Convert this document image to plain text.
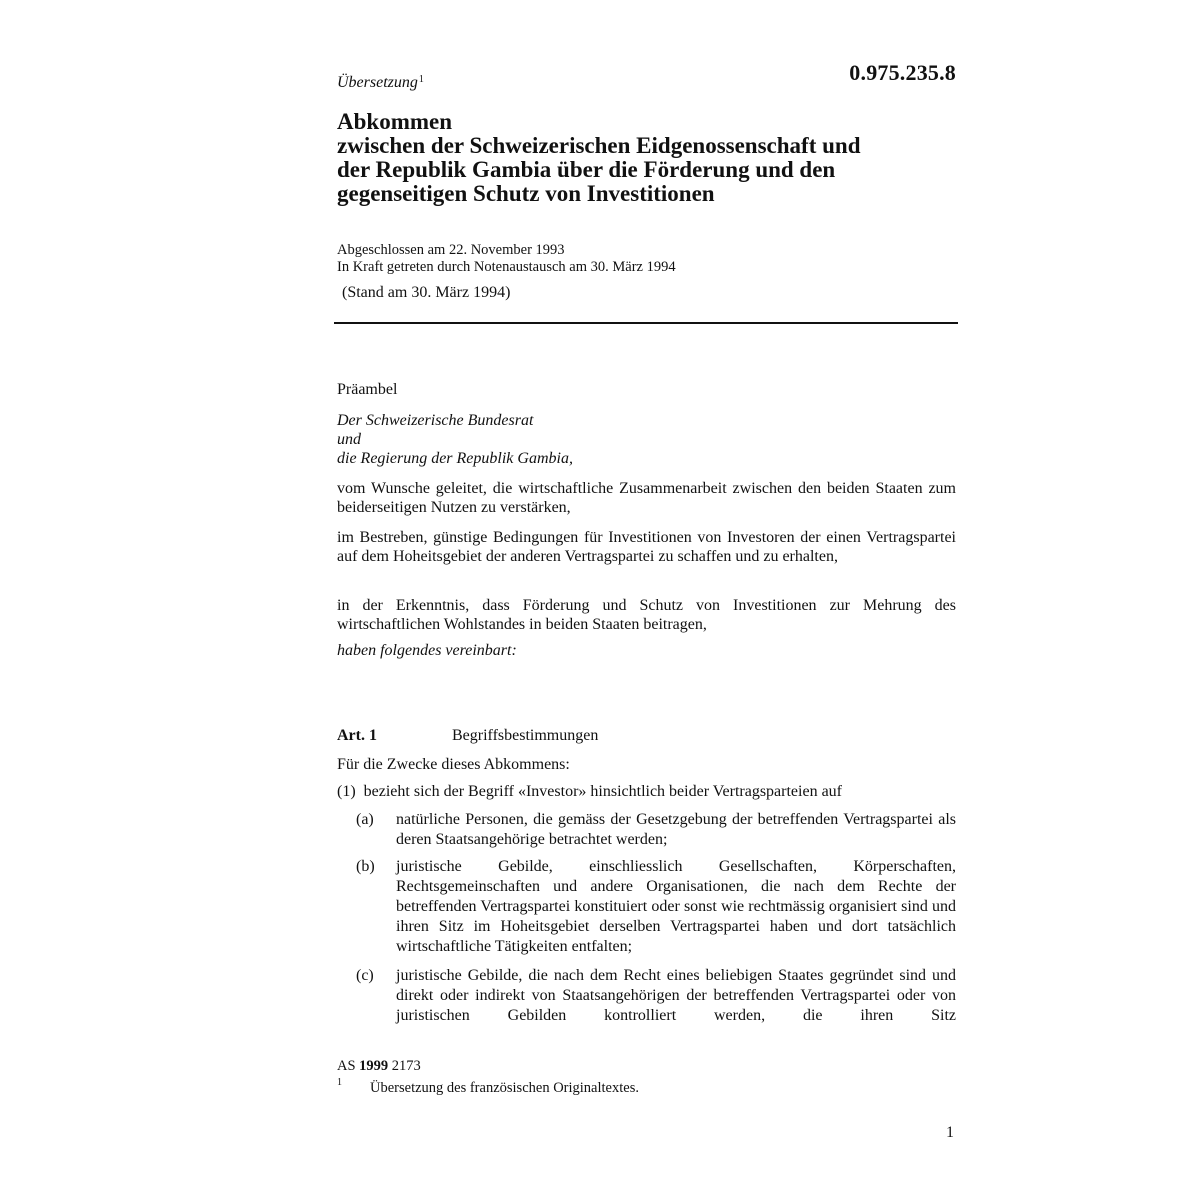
Übersetzung$^1$	0.975.235.8
Abkommen
zwischen der Schweizerischen Eidgenossenschaft und
der Republik Gambia über die Förderung und den
gegenseitigen Schutz von Investitionen
Abgeschlossen am 22. November 1993
In Kraft getreten durch Notenaustausch am 30. März 1994
(Stand am 30. März 1994)
Präambel
Der Schweizerische Bundesrat
und
die Regierung der Republik Gambia,
vom Wunsche geleitet, die wirtschaftliche Zusammenarbeit zwischen den beiden Staaten zum beiderseitigen Nutzen zu verstärken,
im Bestreben, günstige Bedingungen für Investitionen von Investoren der einen Vertragspartei auf dem Hoheitsgebiet der anderen Vertragspartei zu schaffen und zu erhalten,
in der Erkenntnis, dass Förderung und Schutz von Investitionen zur Mehrung des wirtschaftlichen Wohlstandes in beiden Staaten beitragen,
haben folgendes vereinbart:
Art. 1	Begriffsbestimmungen
Für die Zwecke dieses Abkommens:
(1)  bezieht sich der Begriff «Investor» hinsichtlich beider Vertragsparteien auf
(a) natürliche Personen, die gemäss der Gesetzgebung der betreffenden Vertragspartei als deren Staatsangehörige betrachtet werden;
(b) juristische Gebilde, einschliesslich Gesellschaften, Körperschaften, Rechtsgemeinschaften und andere Organisationen, die nach dem Rechte der betreffenden Vertragspartei konstituiert oder sonst wie rechtmässig organisiert sind und ihren Sitz im Hoheitsgebiet derselben Vertragspartei haben und dort tatsächlich wirtschaftliche Tätigkeiten entfalten;
(c) juristische Gebilde, die nach dem Recht eines beliebigen Staates gegründet sind und direkt oder indirekt von Staatsangehörigen der betreffenden Vertragspartei oder von juristischen Gebilden kontrolliert werden, die ihren Sitz
AS 1999 2173
1 Übersetzung des französischen Originaltextes.
1
